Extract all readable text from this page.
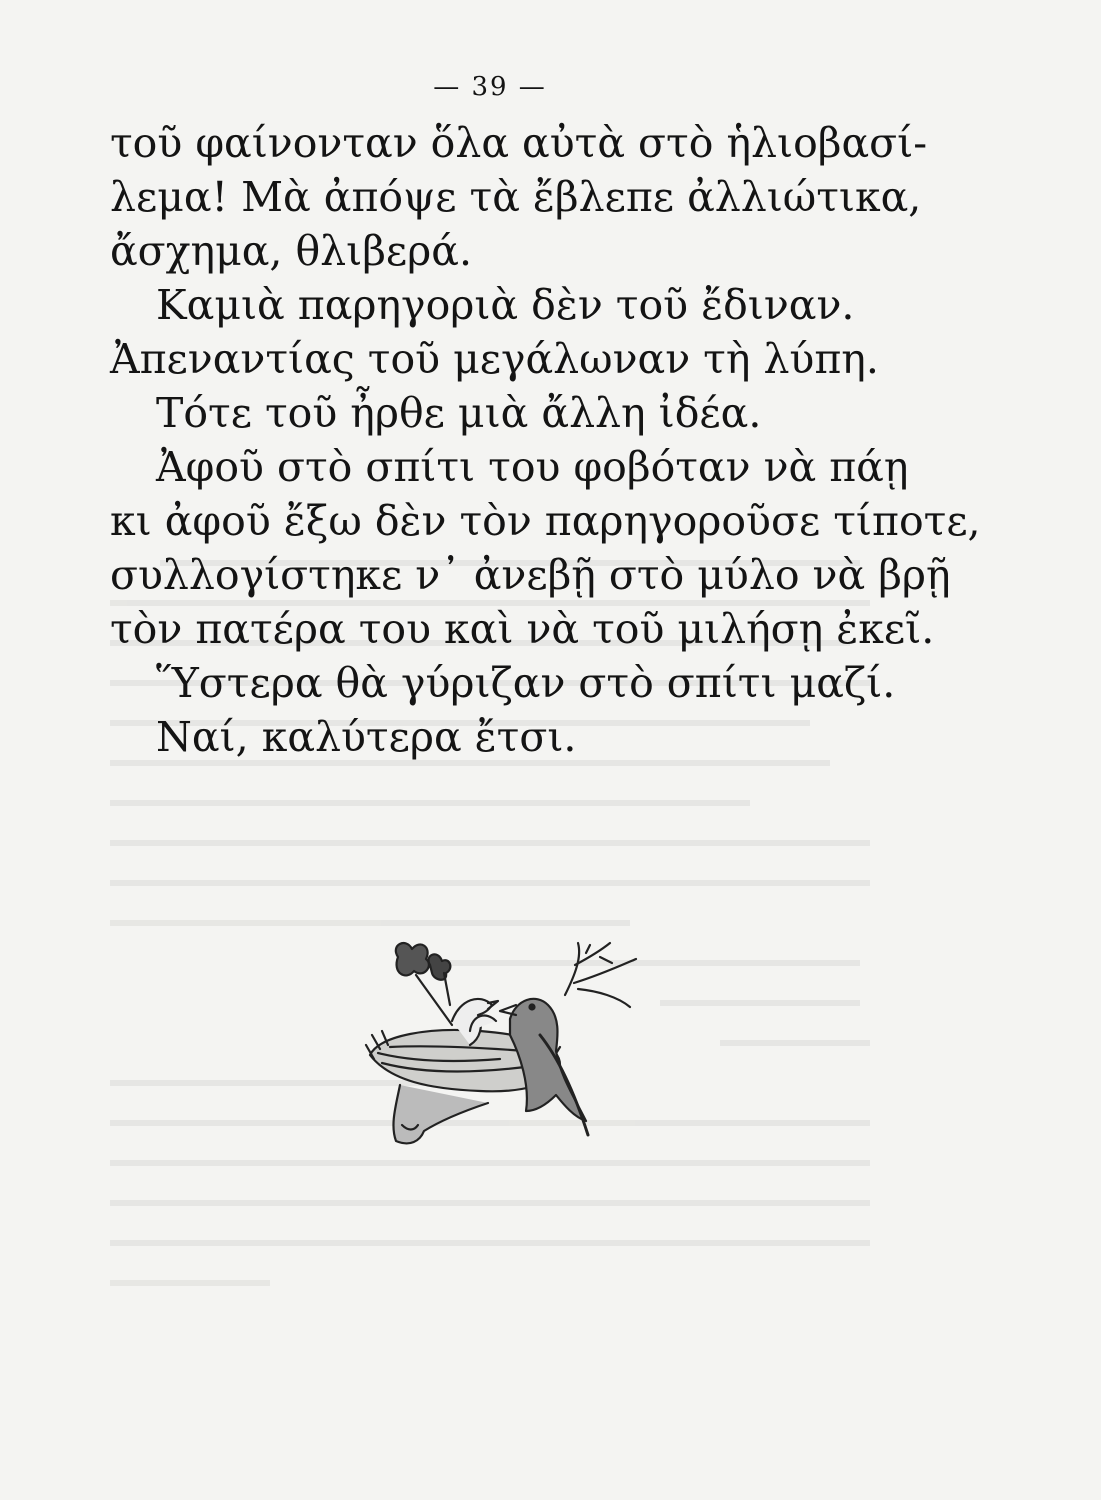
— 39 —
τοῦ φαίνονταν ὅλα αὐτὰ στὸ ἡλιοβασί-
λεμα! Μὰ ἀπόψε τὰ ἔβλεπε ἀλλιώτικα,
ἄσχημα, θλιβερά.
Καμιὰ παρηγοριὰ δὲν τοῦ ἔδιναν.
Ἀπεναντίας τοῦ μεγάλωναν τὴ λύπη.
Τότε τοῦ ἦρθε μιὰ ἄλλη ἰδέα.
Ἀφοῦ στὸ σπίτι του φοβόταν νὰ πάῃ
κι ἀφοῦ ἔξω δὲν τὸν παρηγοροῦσε τίποτε,
συλλογίστηκε ν᾽ ἀνεβῇ στὸ μύλο νὰ βρῇ
τὸν πατέρα του καὶ νὰ τοῦ μιλήσῃ ἐκεῖ.
Ὕστερα θὰ γύριζαν στὸ σπίτι μαζί.
Ναί, καλύτερα ἔτσι.
